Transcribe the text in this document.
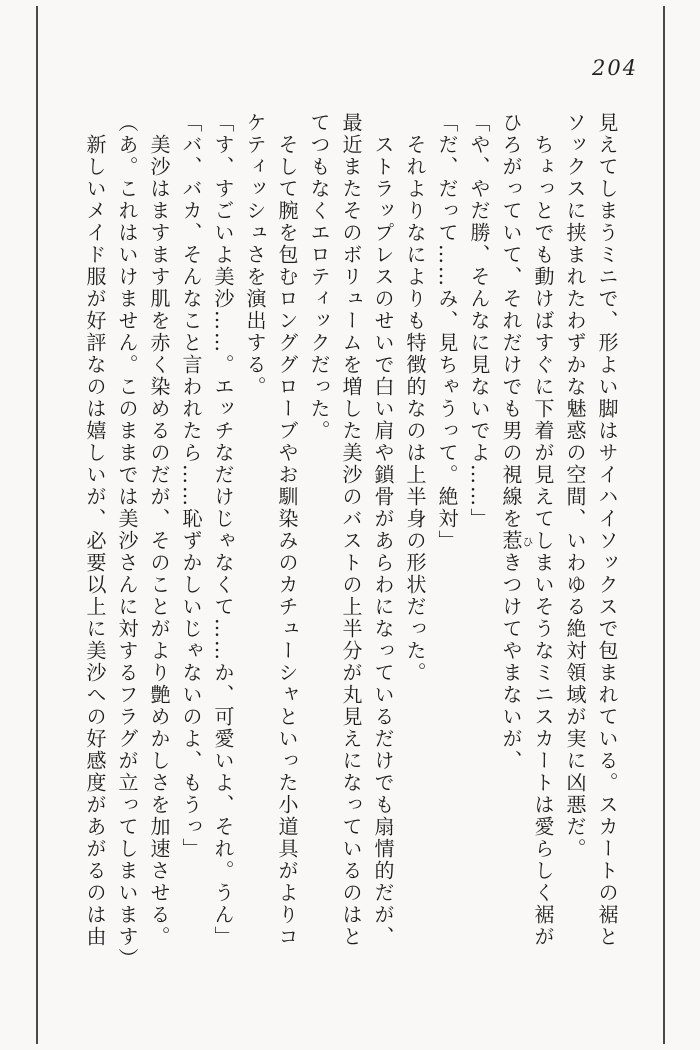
204
見えてしまうミニで、形よい脚はサイハイソックスで包まれている。スカートの裾と
ソックスに挟まれたわずかな魅惑の空間、いわゆる絶対領域が実に凶悪だ。
ちょっとでも動けばすぐに下着が見えてしまいそうなミニスカートは愛らしく裾が
ひろがっていて、それだけでも男の視線を惹きつけてやまないが、
「や、やだ勝、そんなに見ないでよ……」
「だ、だって……み、見ちゃうって。絶対」
それよりなによりも特徴的なのは上半身の形状だった。
ストラップレスのせいで白い肩や鎖骨があらわになっているだけでも扇情的だが、
最近またそのボリュームを増した美沙のバストの上半分が丸見えになっているのはと
てつもなくエロティックだった。
そして腕を包むロンググローブやお馴染みのカチューシャといった小道具がよりコ
ケティッシュさを演出する。
「す、すごいよ美沙……。エッチなだけじゃなくて……か、可愛いよ、それ。うん」
「バ、バカ、そんなこと言われたら……恥ずかしいじゃないのよ、もうっ」
美沙はますます肌を赤く染めるのだが、そのことがより艶めかしさを加速させる。
（あ。これはいけません。このままでは美沙さんに対するフラグが立ってしまいます）
新しいメイド服が好評なのは嬉しいが、必要以上に美沙への好感度があがるのは由	ひ
